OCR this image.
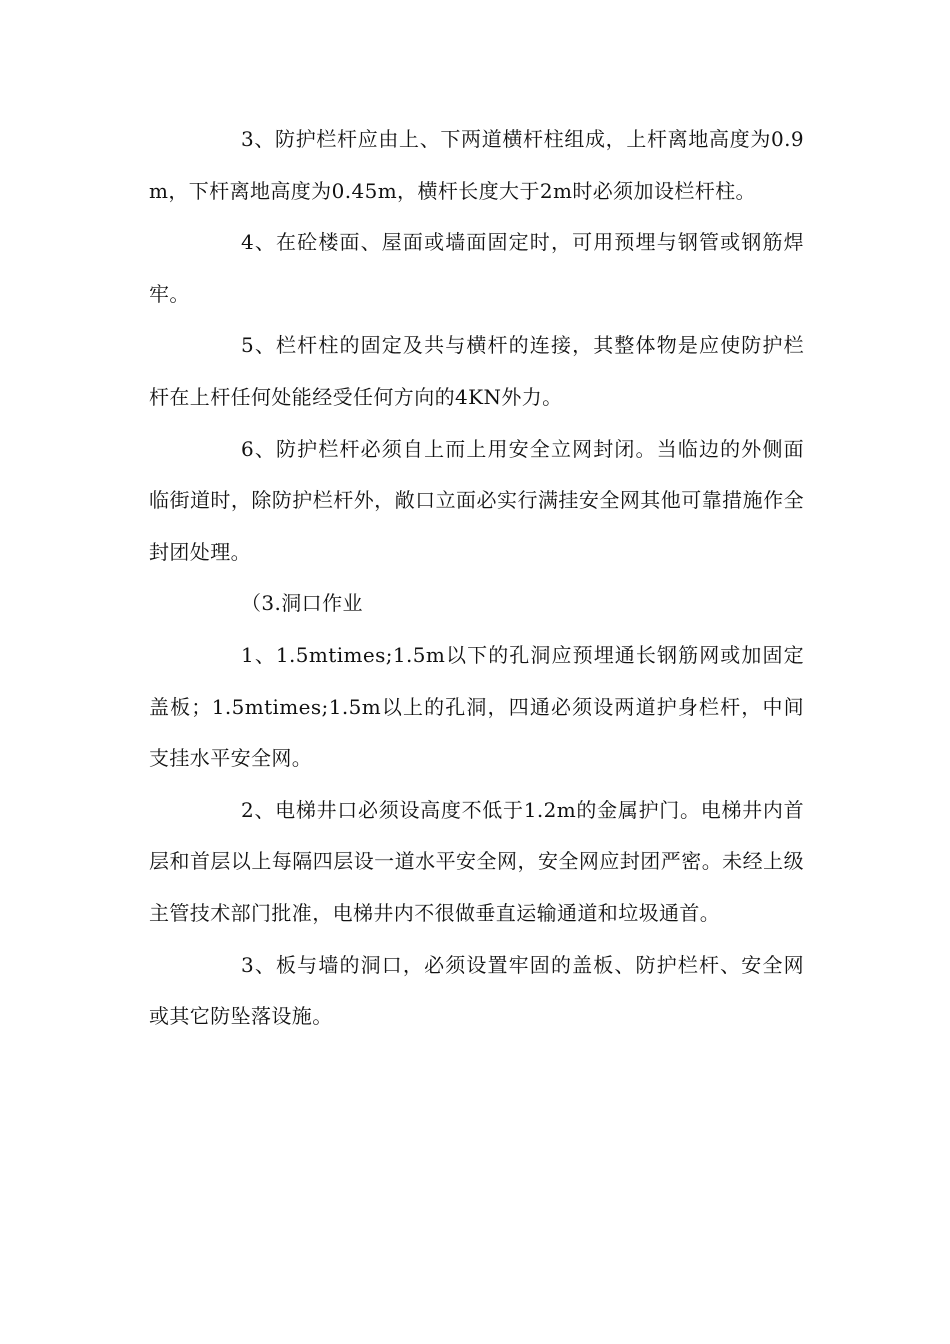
3、防护栏杆应由上、下两道横杆柱组成，上杆离地高度为0.9m，下杆离地高度为0.45m，横杆长度大于2m时必须加设栏杆柱。

4、在砼楼面、屋面或墙面固定时，可用预埋与钢管或钢筋焊牢。

5、栏杆柱的固定及共与横杆的连接，其整体物是应使防护栏杆在上杆任何处能经受任何方向的4KN外力。

6、防护栏杆必须自上而上用安全立网封闭。当临边的外侧面临街道时，除防护栏杆外，敞口立面必实行满挂安全网其他可靠措施作全封团处理。

（3.洞口作业

1、1.5mtimes;1.5m以下的孔洞应预埋通长钢筋网或加固定盖板；1.5mtimes;1.5m以上的孔洞，四通必须设两道护身栏杆，中间支挂水平安全网。

2、电梯井口必须设高度不低于1.2m的金属护门。电梯井内首层和首层以上每隔四层设一道水平安全网，安全网应封团严密。未经上级主管技术部门批准，电梯井内不很做垂直运输通道和垃圾通首。

3、板与墙的洞口，必须设置牢固的盖板、防护栏杆、安全网或其它防坠落设施。
